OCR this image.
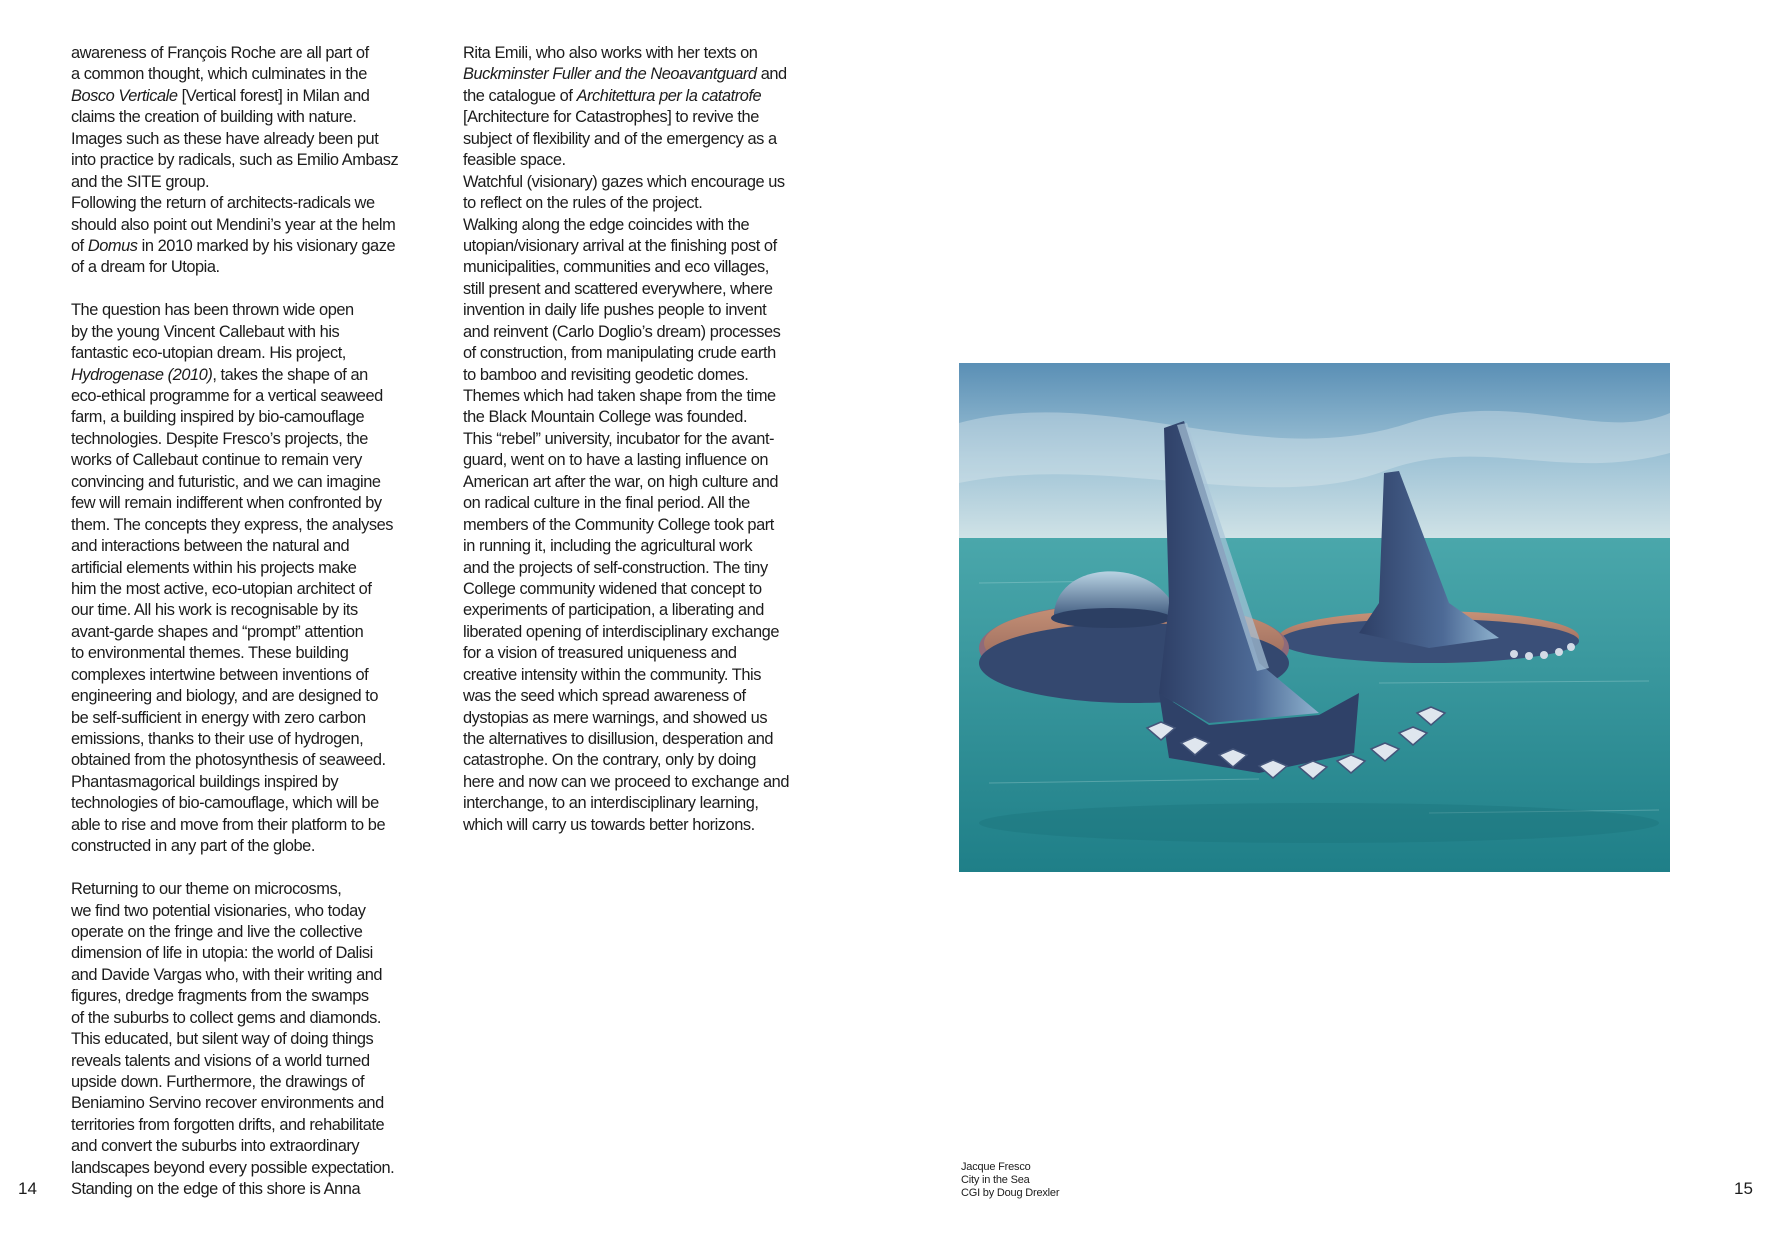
awareness of François Roche are all part of
a common thought, which culminates in the
Bosco Verticale [Vertical forest] in Milan and
claims the creation of building with nature.
Images such as these have already been put
into practice by radicals, such as Emilio Ambasz
and the SITE group.
Following the return of architects-radicals we
should also point out Mendini’s year at the helm
of Domus in 2010 marked by his visionary gaze
of a dream for Utopia.
The question has been thrown wide open
by the young Vincent Callebaut with his
fantastic eco-utopian dream. His project,
Hydrogenase (2010), takes the shape of an
eco-ethical programme for a vertical seaweed
farm, a building inspired by bio-camouflage
technologies. Despite Fresco’s projects, the
works of Callebaut continue to remain very
convincing and futuristic, and we can imagine
few will remain indifferent when confronted by
them. The concepts they express, the analyses
and interactions between the natural and
artificial elements within his projects make
him the most active, eco-utopian architect of
our time. All his work is recognisable by its
avant-garde shapes and “prompt” attention
to environmental themes. These building
complexes intertwine between inventions of
engineering and biology, and are designed to
be self-sufficient in energy with zero carbon
emissions, thanks to their use of hydrogen,
obtained from the photosynthesis of seaweed.
Phantasmagorical buildings inspired by
technologies of bio-camouflage, which will be
able to rise and move from their platform to be
constructed in any part of the globe.
Returning to our theme on microcosms,
we find two potential visionaries, who today
operate on the fringe and live the collective
dimension of life in utopia: the world of Dalisi
and Davide Vargas who, with their writing and
figures, dredge fragments from the swamps
of the suburbs to collect gems and diamonds.
This educated, but silent way of doing things
reveals talents and visions of a world turned
upside down. Furthermore, the drawings of
Beniamino Servino recover environments and
territories from forgotten drifts, and rehabilitate
and convert the suburbs into extraordinary
landscapes beyond every possible expectation.
Standing on the edge of this shore is Anna
Rita Emili, who also works with her texts on
Buckminster Fuller and the Neoavantguard and
the catalogue of Architettura per la catatrofe
[Architecture for Catastrophes] to revive the
subject of flexibility and of the emergency as a
feasible space.
Watchful (visionary) gazes which encourage us
to reflect on the rules of the project.
Walking along the edge coincides with the
utopian/visionary arrival at the finishing post of
municipalities, communities and eco villages,
still present and scattered everywhere, where
invention in daily life pushes people to invent
and reinvent (Carlo Doglio’s dream) processes
of construction, from manipulating crude earth
to bamboo and revisiting geodetic domes.
Themes which had taken shape from the time
the Black Mountain College was founded.
This “rebel” university, incubator for the avant-
guard, went on to have a lasting influence on
American art after the war, on high culture and
on radical culture in the final period. All the
members of the Community College took part
in running it, including the agricultural work
and the projects of self-construction. The tiny
College community widened that concept to
experiments of participation, a liberating and
liberated opening of interdisciplinary exchange
for a vision of treasured uniqueness and
creative intensity within the community. This
was the seed which spread awareness of
dystopias as mere warnings, and showed us
the alternatives to disillusion, desperation and
catastrophe. On the contrary, only by doing
here and now can we proceed to exchange and
interchange, to an interdisciplinary learning,
which will carry us towards better horizons.
14	15
Jacque Fresco
City in the Sea
CGI by Doug Drexler
